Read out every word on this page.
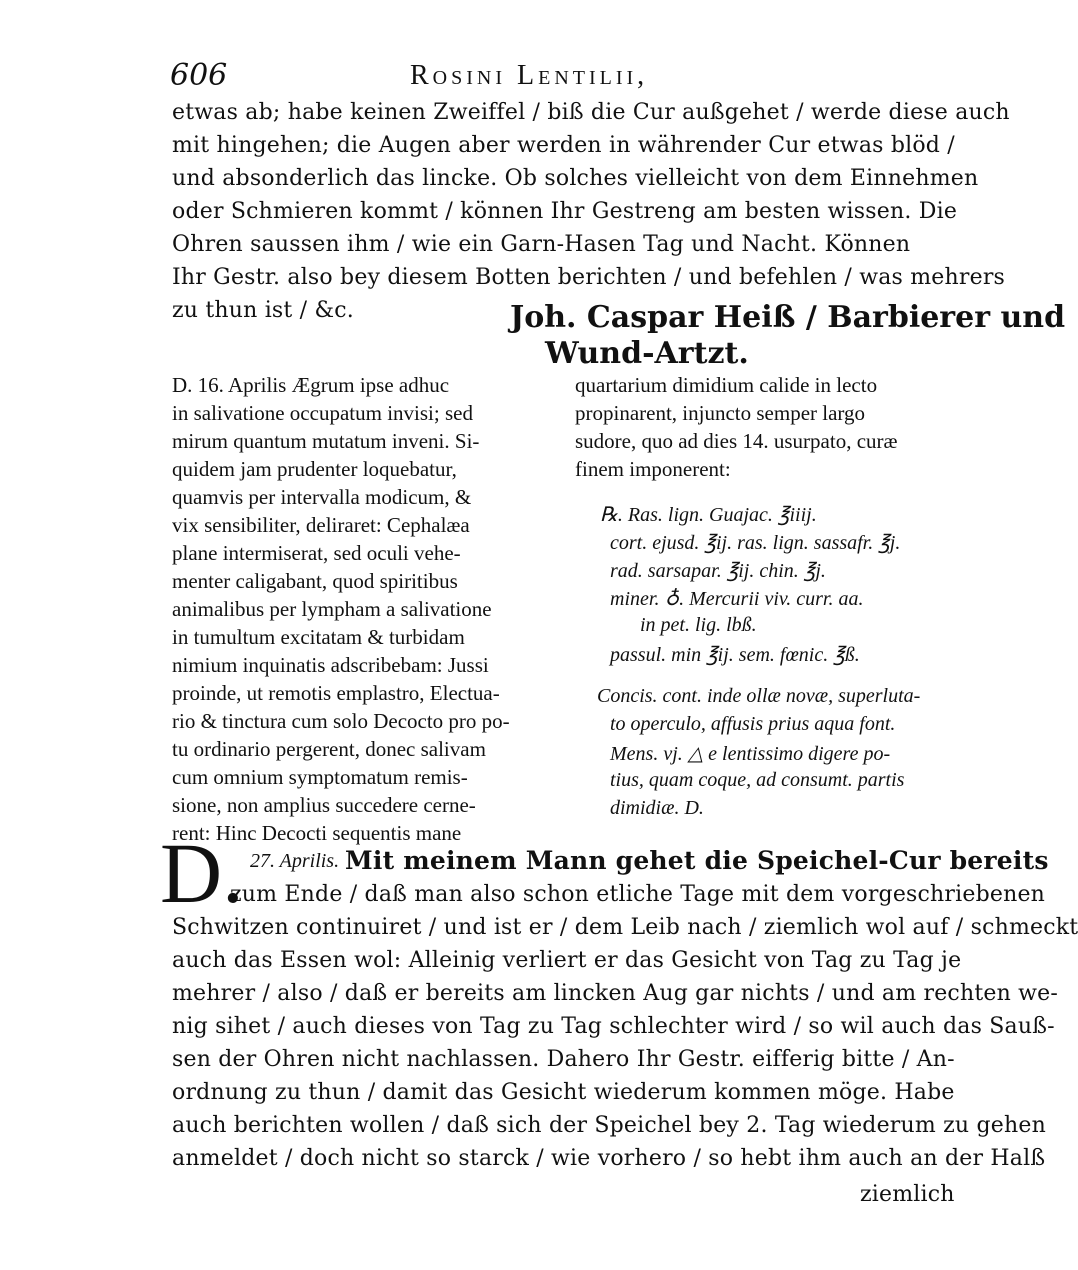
606	Rosini Lentilii,
etwas ab; habe keinen Zweiffel / biß die Cur außgehet / werde diese auch
mit hingehen; die Augen aber werden in währender Cur etwas blöd /
und absonderlich das lincke. Ob solches vielleicht von dem Einnehmen
oder Schmieren kommt / können Ihr Gestreng am besten wissen. Die
Ohren saussen ihm / wie ein Garn-Hasen Tag und Nacht. Können
Ihr Gestr. also bey diesem Botten berichten / und befehlen / was mehrers
zu thun ist / &c.	Joh. Caspar Heiß / Barbierer und
Wund-Artzt.
D. 16. Aprilis Ægrum ipse adhuc
in salivatione occupatum invisi; sed
mirum quantum mutatum inveni. Si-
quidem jam prudenter loquebatur,
quamvis per intervalla modicum, &
vix sensibiliter, deliraret: Cephalæa
plane intermiserat, sed oculi vehe-
menter caligabant, quod spiritibus
animalibus per lympham a salivatione
in tumultum excitatam & turbidam
nimium inquinatis adscribebam: Jussi
proinde, ut remotis emplastro, Electua-
rio & tinctura cum solo Decocto pro po-
tu ordinario pergerent, donec salivam
cum omnium symptomatum remis-
sione, non amplius succedere cerne-
rent: Hinc Decocti sequentis mane
quartarium dimidium calide in lecto
propinarent, injuncto semper largo
sudore, quo ad dies 14. usurpato, curæ
finem imponerent:
℞. Ras. lign. Guajac. ℥iiij.
cort. ejusd. ℥ij. ras. lign. sassafr. ℥j.
rad. sarsapar. ℥ij. chin. ℥j.
miner. ♁. Mercurii viv. curr. aa.
in pet. lig. lbß.
passul. min ℥ij. sem. fœnic. ℥ß.
Concis. cont. inde ollæ novæ, superluta-
to operculo, affusis prius aqua font.
Mens. vj. △ e lentissimo digere po-
tius, quam coque, ad consumt. partis
dimidiæ. D.
D. 27. Aprilis. Mit meinem Mann gehet die Speichel-Cur bereits
zum Ende / daß man also schon etliche Tage mit dem vorgeschriebenen
Schwitzen continuiret / und ist er / dem Leib nach / ziemlich wol auf / schmeckt
auch das Essen wol: Alleinig verliert er das Gesicht von Tag zu Tag je
mehrer / also / daß er bereits am lincken Aug gar nichts / und am rechten we-
nig sihet / auch dieses von Tag zu Tag schlechter wird / so wil auch das Sauß-
sen der Ohren nicht nachlassen. Dahero Ihr Gestr. eifferig bitte / An-
ordnung zu thun / damit das Gesicht wiederum kommen möge. Habe
auch berichten wollen / daß sich der Speichel bey 2. Tag wiederum zu gehen
anmeldet / doch nicht so starck / wie vorhero / so hebt ihm auch an der Halß
ziemlich
